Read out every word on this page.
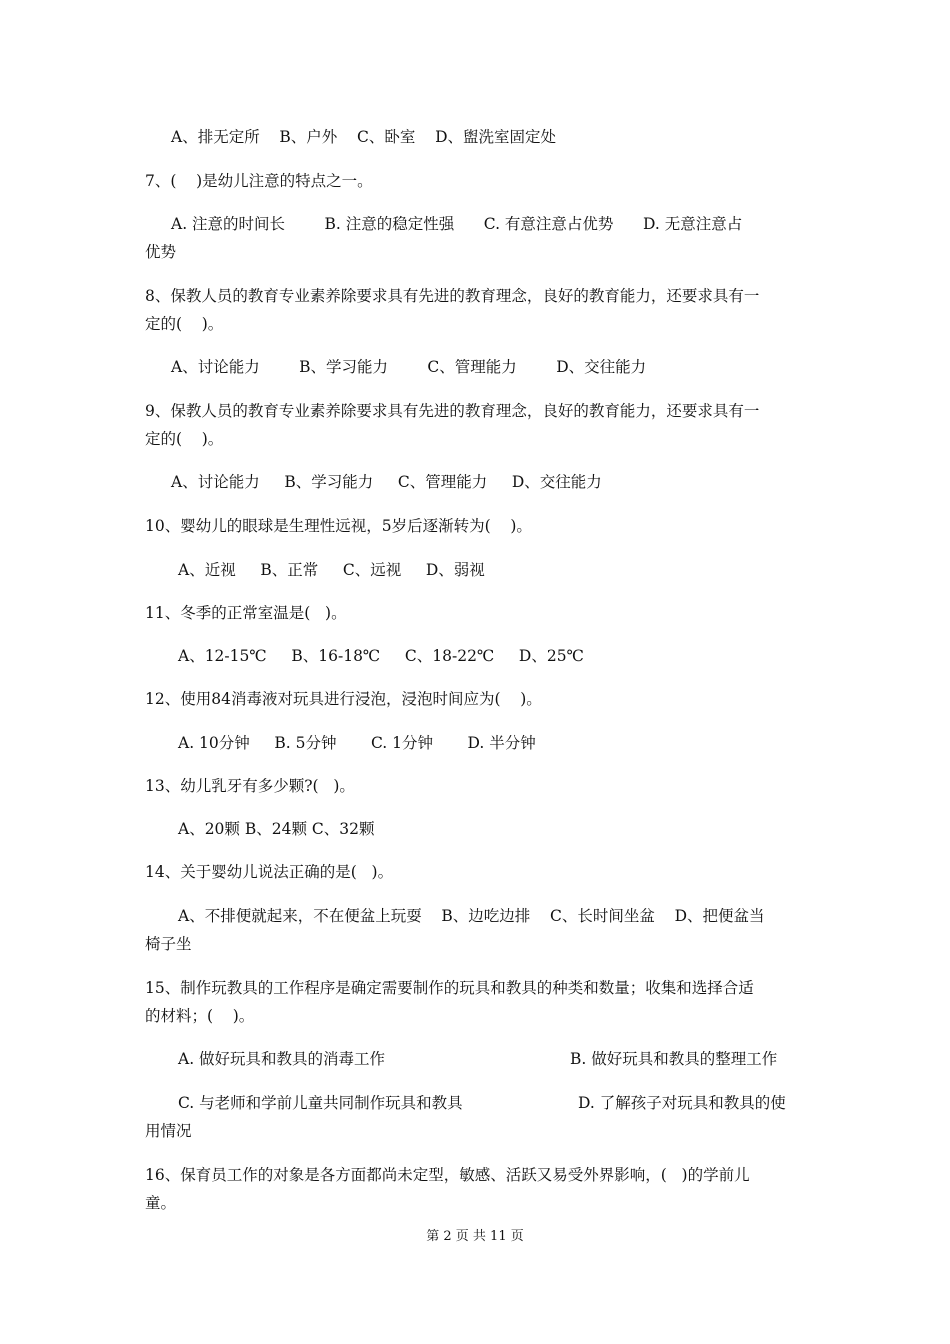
A、排无定所    B、户外    C、卧室    D、盥洗室固定处
7、(    )是幼儿注意的特点之一。
A. 注意的时间长        B. 注意的稳定性强      C. 有意注意占优势      D. 无意注意占
优势
8、保教人员的教育专业素养除要求具有先进的教育理念，良好的教育能力，还要求具有一
定的(    )。
A、讨论能力        B、学习能力        C、管理能力        D、交往能力
9、保教人员的教育专业素养除要求具有先进的教育理念，良好的教育能力，还要求具有一
定的(    )。
A、讨论能力     B、学习能力     C、管理能力     D、交往能力
10、婴幼儿的眼球是生理性远视，5岁后逐渐转为(    )。
A、近视     B、正常     C、远视     D、弱视
11、冬季的正常室温是(   )。
A、12-15℃     B、16-18℃     C、18-22℃     D、25℃
12、使用84消毒液对玩具进行浸泡，浸泡时间应为(    )。
A. 10分钟     B. 5分钟       C. 1分钟       D. 半分钟
13、幼儿乳牙有多少颗?(   )。
A、20颗 B、24颗 C、32颗
14、关于婴幼儿说法正确的是(   )。
A、不排便就起来，不在便盆上玩耍    B、边吃边排    C、长时间坐盆    D、把便盆当
椅子坐
15、制作玩教具的工作程序是确定需要制作的玩具和教具的种类和数量；收集和选择合适
的材料；(    )。
A. 做好玩具和教具的消毒工作	B. 做好玩具和教具的整理工作
C. 与老师和学前儿童共同制作玩具和教具	D. 了解孩子对玩具和教具的使
用情况
16、保育员工作的对象是各方面都尚未定型，敏感、活跃又易受外界影响，(   )的学前儿
童。
第 2 页 共 11 页
